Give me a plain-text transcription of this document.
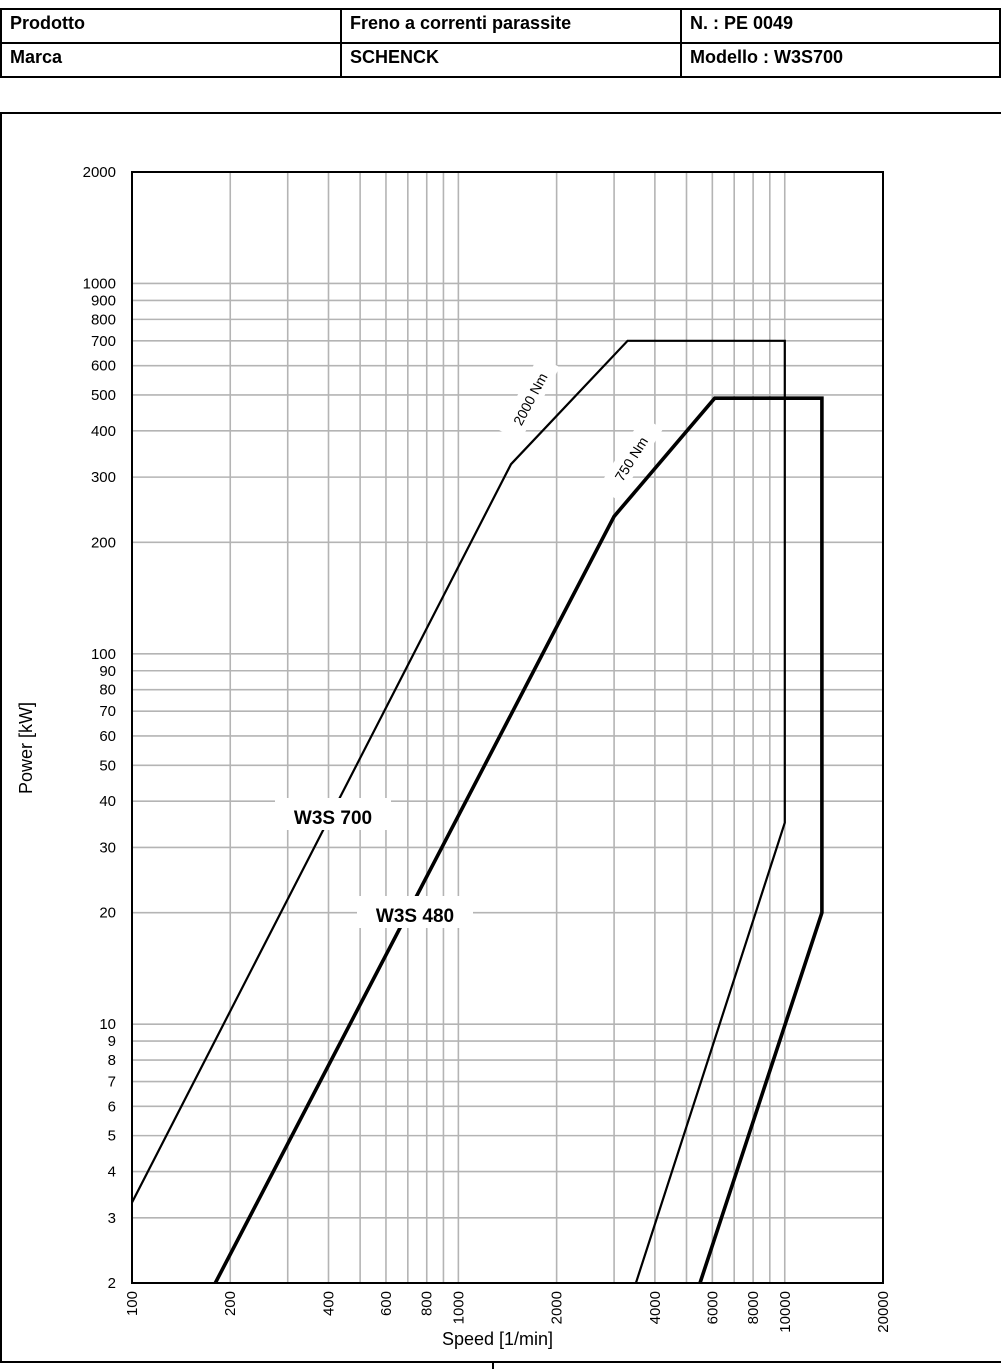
Prodotto	Freno a correnti parassite	N. : PE 0049
Marca	SCHENCK	Modello : W3S700
100	200	400	600 800 1000	2000	4000	6000 8000 10000	20000
2
3
4
5
6
7
8
9
10
20
30
40
50
60
70
80
90
100
200
300
400
500
600
700
800
900
1000
2000
Speed [1/min]
Power [kW]
W3S 700
W3S 480
2000 Nm
750 Nm
